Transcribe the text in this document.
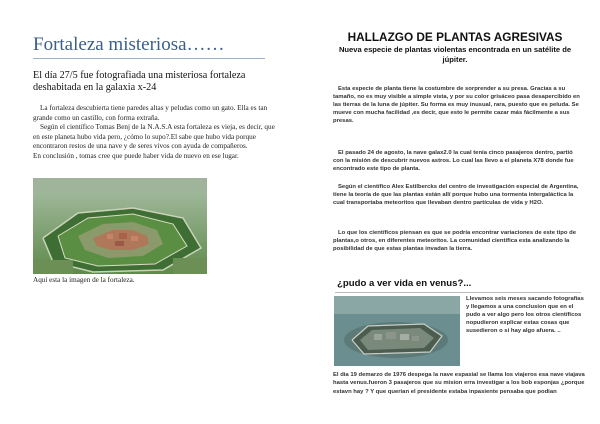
Fortaleza misteriosa……
El día 27/5 fue fotografiada una misteriosa fortaleza deshabitada en la galaxia x-24

La fortaleza descubierta tiene paredes altas y peludas como un gato. Ella es tan grande como un castillo, con forma extraña.

Según el científico Tomas Benj de la N.A.S.A esta fortaleza es vieja, es decir, que en este planeta hubo vida pero, ¿cómo lo supo?.El sabe que hubo vida porque encontraron restos de una nave y de seres vivos con ayuda de compañeros.

En conclusión , tomas cree que puede haber vida de nuevo en ese lugar.

Aquí esta la imagen de la fortaleza.
HALLAZGO DE PLANTAS AGRESIVAS
Nueva especie de plantas violentas encontrada en un satélite de júpiter.

Esta especie de planta tiene la costumbre de sorprender a su presa. Gracias a su tamaño, no es muy visible a simple vista, y por su color grisáceo pasa desapercibido en las tierras de la luna de júpiter. Su forma es muy inusual, rara, puesto que es peluda. Se mueve con mucha facilidad ,es decir, que esto le permite cazar más fácilmente a sus presas.

El pasado 24 de agosto, la nave galax2.0 la cual tenía cinco pasajeros dentro, partió con la misión de descubrir nuevos astros. Lo cual las llevo a el planeta X78 donde fue encontrado este tipo de planta.

Según el científico Alex Estilbercks del centro de investigación especial de Argentina, tiene la teoría de que las plantas están allí porque hubo una tormenta intergaláctica la cual transportaba meteoritos que llevaban dentro partículas de vida y H2O.

Lo que los científicos piensan es que se podría encontrar variaciones de este tipo de plantas,o otros, en diferentes meteoritos. La comunidad científica esta analizando la posibilidad de que estas plantas invadan la tierra.

¿pudo a ver vida en venus?...

Llevamos seis meses sacando fotografías y llegamos a una conclusion que en el pudo a ver algo pero los otros científicos nopudieron explicar estas cosas que susedieron o si hay algo afuera. ..

El dia 19 demarzo de 1976 despega la nave espasial se llama los viajeros esa nave viajava hasta venus.fueron 3 pasajeros que su mision erra investigar a los bob esponjas ¿porque estavn hay ? Y que querian el presidente estaba inpasiente pensaba que podian
